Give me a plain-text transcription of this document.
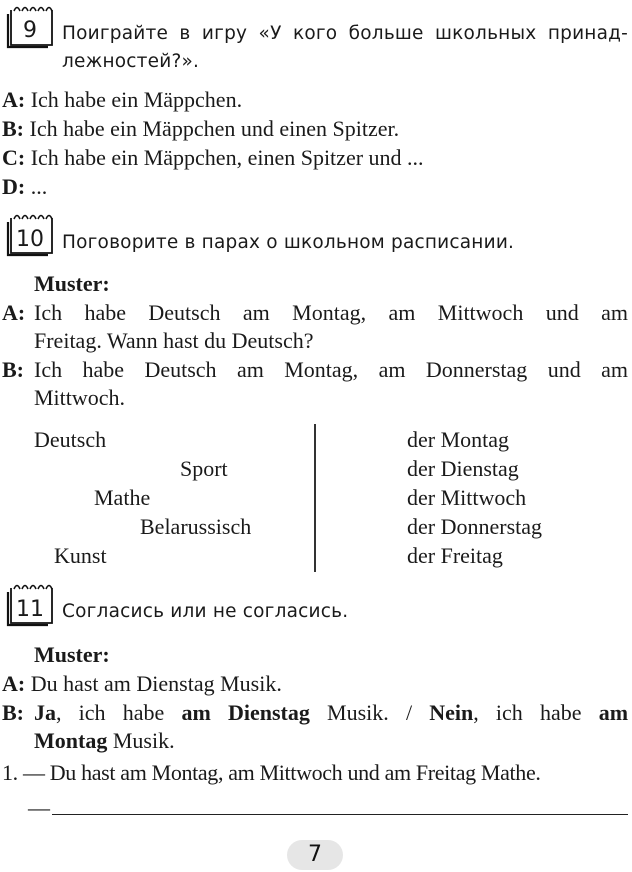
9	Поиграйте в игру «У кого больше школьных принад-
лежностей?».
A: Ich habe ein Mäppchen.
B: Ich habe ein Mäppchen und einen Spitzer.
C: Ich habe ein Mäppchen, einen Spitzer und ...
D: ...
10 Поговорите в парах о школьном расписании.
Muster:
A: Ich habe Deutsch am Montag, am Mittwoch und am
Freitag. Wann hast du Deutsch?
B: Ich habe Deutsch am Montag, am Donnerstag und am
Mittwoch.
Deutsch
Sport
Mathe
Belarussisch
Kunst
der Montag
der Dienstag
der Mittwoch
der Donnerstag
der Freitag
11 Согласись или не согласись.
Muster:
A: Du hast am Dienstag Musik.
B: Ja, ich habe am Dienstag Musik. / Nein, ich habe am
Montag Musik.
1. — Du hast am Montag, am Mittwoch und am Freitag Mathe.
—
7
